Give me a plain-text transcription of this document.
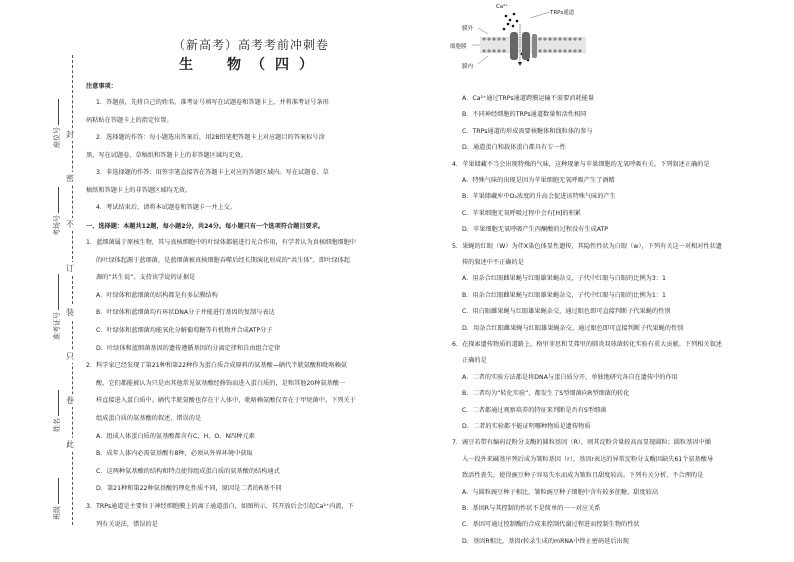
封
密
不
订
装
只
卷
此
座位号
考场号
准考证号
姓名
班级
（新高考）高考考前冲刺卷
生　物（四）
注意事项：
1．答题前，先将自己的姓名、准考证号填写在试题卷和答题卡上，并将准考证号条形
码粘贴在答题卡上的指定位置。
2．选择题的作答：每小题选出答案后，用2B铅笔把答题卡上对应题目的答案标号涂
黑，写在试题卷、草稿纸和答题卡上的非答题区域均无效。
3．非选择题的作答：用签字笔直接答在答题卡上对应的答题区域内。写在试题卷、草
稿纸和答题卡上的非答题区域均无效。
4．考试结束后，请将本试题卷和答题卡一并上交。
一、选择题：本题共12题，每小题2分，共24分。每小题只有一个选项符合题目要求。
1．蓝细菌属于原核生物，其与真核细胞中的叶绿体都能进行光合作用，有学者认为真核细胞细胞中
的叶绿体起源于蓝细菌，是蓝细菌被真核细胞吞噬后经长期演化形成的“共生体”，即叶绿体起
源的“共生说”。支持该学说的证据是
A．叶绿体和蓝细菌的结构都是有多层膜结构
B．叶绿体和蓝细菌均有环状DNA分子并能进行基因的复制与表达
C．叶绿体和蓝细菌均能氧化分解葡萄糖等有机物并合成ATP分子
D．叶绿体和蓝细菌基因的遗传遵循基因的分离定律和自由组合定律
2．科学家已经发现了第21种和第22种作为蛋白质合成原料的氨基酸—硒代半胱氨酸和吡咯赖氨
酸，它们都能被认为只是由其他常见氨基酸经修饰而进入蛋白质的，是和其他20种氨基酸一
样直接进入蛋白质中。硒代半胱氨酸也存在于人体中，吡咯赖氨酸仅存在于甲烷菌中。下列关于
组成蛋白质的氨基酸的叙述，错误的是
A．组成人体蛋白质的氨基酸都含有C、H、O、N四种元素
B．成年人体内必需氨基酸有8种，必须从外界环境中获取
C．这两种氨基酸的结构和特点使得组成蛋白质的氨基酸的结构通式
D．第21种和第22种氨基酸的理化性质不同，原因是二者的R基不同
3．TRPs通道是主要位于神经细胞膜上的离子通道蛋白，如图所示，其开放后会引起Ca²⁺内流，下
列有关说法，错误的是
Ca²⁺
TRPs通道
膜外
细胞膜
膜内
A．Ca²⁺通过TRPs通道跨膜运输不需要消耗能量
B．不同神经细胞的TRPs通道数量和活性相同
C．TRPs通道的形成需要核糖体和线粒体的参与
D．通道蛋白和载体蛋白都具有专一性
4．苹果储藏不当会出现特殊的气味，这种现象与苹果细胞的无氧呼吸有关。下列叙述正确的是
A．特殊气味的出现是因为苹果细胞无氧呼吸产生了酒精
B．苹果储藏库中O₂浓度的升高会促进该特殊气味的产生
C．苹果细胞无氧呼吸过程中会有[H]的积累
D．苹果细胞无氧呼吸产生丙酮酸的过程没有生成ATP
5．果蝇的红眼（W）为伴X染色体显性遗传，其隐性性状为白眼（w），下列有关这一对相对性状遗
传的叙述中不正确的是
A．用杂合红眼雌果蝇与红眼雄果蝇杂交，子代中红眼与白眼的比例为3：1
B．用杂合红眼雌果蝇与红眼雄果蝇杂交，子代中红眼与白眼的比例为1：1
C．用白眼雌果蝇与红眼雄果蝇杂交，通过眼色即可直接判断子代果蝇的性别
D．用杂合红眼雌果蝇与红眼雄果蝇杂交，通过眼色即可直接判断子代果蝇的性别
6．在探索遗传物质的道路上，格里菲思和艾弗里的肺炎双球菌转化实验有重大贡献。下列相关叙述
正确的是
A．二者的实验方法都是将DNA与蛋白质分开，单独地研究各自在遗传中的作用
B．二者均为“转化实验”，都发生了S型细菌向R型细菌的转化
C．二者都通过观察培养的特征来判断是否有S型细菌
D．二者的实验都不能证明哪种物质是遗传物质
7．豌豆若带有编码淀粉分支酶的圆粒基因（R），则其淀粉含量较高而显现圆粒；圆粒基因中插
入一段外来碱基序列后成为皱粒基因（r），基因r表达的异常淀粉分支酶因缺失61个氨基酸导
致活性丧失，使得豌豆种子容易失水而成为皱粒且甜度较高。下列有关分析，不合理的是
A．与圆粒豌豆种子相比，皱粒豌豆种子细胞中含有较多蔗糖，甜度较高
B．基因R与其控制的性状不是简单的一一对应关系
C．基因可通过控制酶的合成来控制代谢过程进而控制生物的性状
D．基因R相比，基因r转录生成的mRNA中终止密码延后出现
